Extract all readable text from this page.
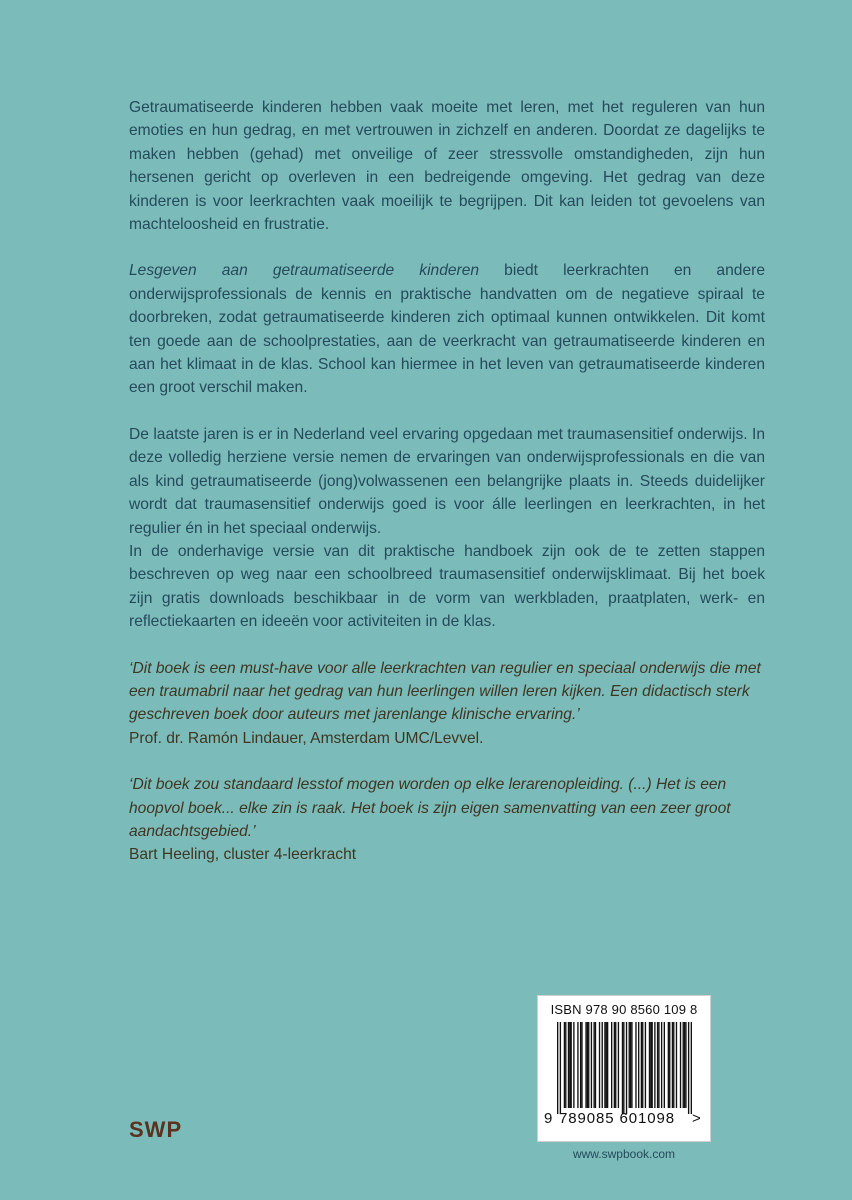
Getraumatiseerde kinderen hebben vaak moeite met leren, met het reguleren van hun emoties en hun gedrag, en met vertrouwen in zichzelf en anderen. Doordat ze dagelijks te maken hebben (gehad) met onveilige of zeer stressvolle omstandigheden, zijn hun hersenen gericht op overleven in een bedreigende omgeving. Het gedrag van deze kinderen is voor leerkrachten vaak moeilijk te begrijpen. Dit kan leiden tot gevoelens van machteloosheid en frustratie.

Lesgeven aan getraumatiseerde kinderen biedt leerkrachten en andere onderwijsprofessionals de kennis en praktische handvatten om de negatieve spiraal te doorbreken, zodat getraumatiseerde kinderen zich optimaal kunnen ontwikkelen. Dit komt ten goede aan de schoolprestaties, aan de veerkracht van getraumatiseerde kinderen en aan het klimaat in de klas. School kan hiermee in het leven van getraumatiseerde kinderen een groot verschil maken.

De laatste jaren is er in Nederland veel ervaring opgedaan met traumasensitief onderwijs. In deze volledig herziene versie nemen de ervaringen van onderwijsprofessionals en die van als kind getraumatiseerde (jong)volwassenen een belangrijke plaats in. Steeds duidelijker wordt dat traumasensitief onderwijs goed is voor álle leerlingen en leerkrachten, in het regulier én in het speciaal onderwijs.

In de onderhavige versie van dit praktische handboek zijn ook de te zetten stappen beschreven op weg naar een schoolbreed traumasensitief onderwijsklimaat. Bij het boek zijn gratis downloads beschikbaar in de vorm van werkbladen, praatplaten, werk- en reflectiekaarten en ideeën voor activiteiten in de klas.

‘Dit boek is een must-have voor alle leerkrachten van regulier en speciaal onderwijs die met een traumabril naar het gedrag van hun leerlingen willen leren kijken. Een didactisch sterk geschreven boek door auteurs met jarenlange klinische ervaring.’

Prof. dr. Ramón Lindauer, Amsterdam UMC/Levvel.

‘Dit boek zou standaard lesstof mogen worden op elke lerarenopleiding. (...) Het is een hoopvol boek... elke zin is raak. Het boek is zijn eigen samenvatting van een zeer groot aandachtsgebied.’

Bart Heeling, cluster 4-leerkracht

ISBN 978 90 8560 109 8
9 789085 601098 >
SWP
www.swpbook.com
